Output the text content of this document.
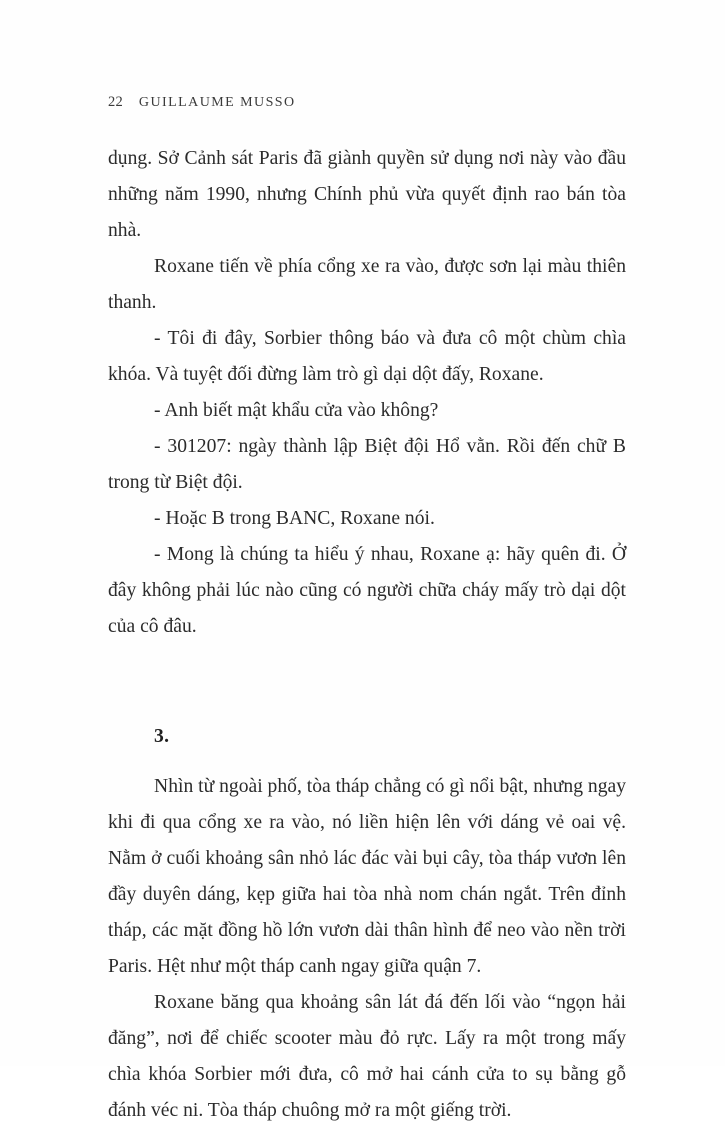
22 GUILLAUME MUSSO

dụng. Sở Cảnh sát Paris đã giành quyền sử dụng nơi này vào đầu những năm 1990, nhưng Chính phủ vừa quyết định rao bán tòa nhà.

Roxane tiến về phía cổng xe ra vào, được sơn lại màu thiên thanh.

- Tôi đi đây, Sorbier thông báo và đưa cô một chùm chìa khóa. Và tuyệt đối đừng làm trò gì dại dột đấy, Roxane.

- Anh biết mật khẩu cửa vào không?

- 301207: ngày thành lập Biệt đội Hổ vằn. Rồi đến chữ B trong từ Biệt đội.

- Hoặc B trong BANC, Roxane nói.

- Mong là chúng ta hiểu ý nhau, Roxane ạ: hãy quên đi. Ở đây không phải lúc nào cũng có người chữa cháy mấy trò dại dột của cô đâu.

3.

Nhìn từ ngoài phố, tòa tháp chẳng có gì nổi bật, nhưng ngay khi đi qua cổng xe ra vào, nó liền hiện lên với dáng vẻ oai vệ. Nằm ở cuối khoảng sân nhỏ lác đác vài bụi cây, tòa tháp vươn lên đầy duyên dáng, kẹp giữa hai tòa nhà nom chán ngắt. Trên đỉnh tháp, các mặt đồng hồ lớn vươn dài thân hình để neo vào nền trời Paris. Hệt như một tháp canh ngay giữa quận 7.

Roxane băng qua khoảng sân lát đá đến lối vào “ngọn hải đăng”, nơi để chiếc scooter màu đỏ rực. Lấy ra một trong mấy chìa khóa Sorbier mới đưa, cô mở hai cánh cửa to sụ bằng gỗ đánh véc ni. Tòa tháp chuông mở ra một giếng trời.
